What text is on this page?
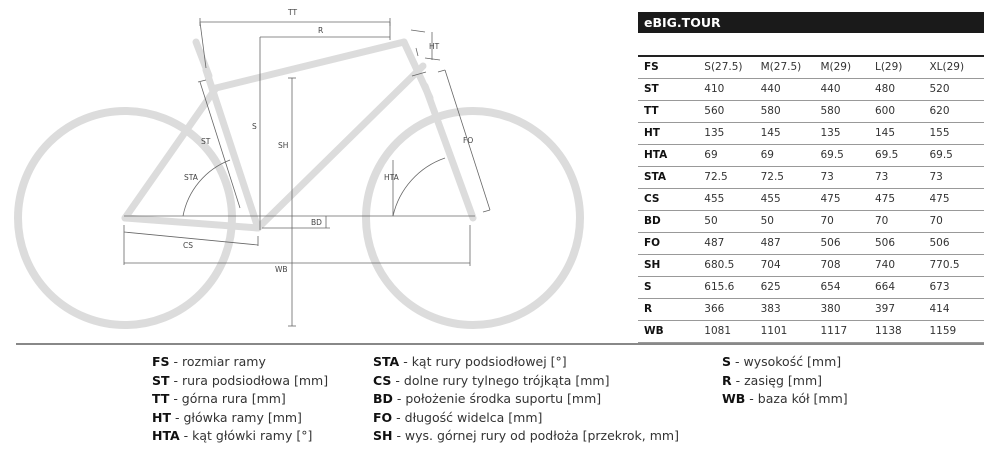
TT
R
HT
S
SH
ST
STA	HTA
FO
BD
CS
WB
eBIG.TOUR
FS	S(27.5)	M(27.5)	M(29)	L(29)	XL(29)
ST	410	440	440	480	520
TT	560	580	580	600	620
HT	135	145	135	145	155
HTA	69	69	69.5	69.5	69.5
STA	72.5	72.5	73	73	73
CS	455	455	475	475	475
BD	50	50	70	70	70
FO	487	487	506	506	506
SH	680.5	704	708	740	770.5
S	615.6	625	654	664	673
R	366	383	380	397	414
WB	1081	1101	1117	1138	1159
FS - rozmiar ramy
ST - rura podsiodłowa [mm]
TT - górna rura [mm]
HT - główka ramy [mm]
HTA - kąt główki ramy [°]
STA - kąt rury podsiodłowej [°]
CS - dolne rury tylnego trójkąta [mm]
BD - położenie środka suportu [mm]
FO - długość widelca [mm]
SH - wys. górnej rury od podłoża [przekrok, mm]
S - wysokość [mm]
R - zasięg [mm]
WB - baza kół [mm]
